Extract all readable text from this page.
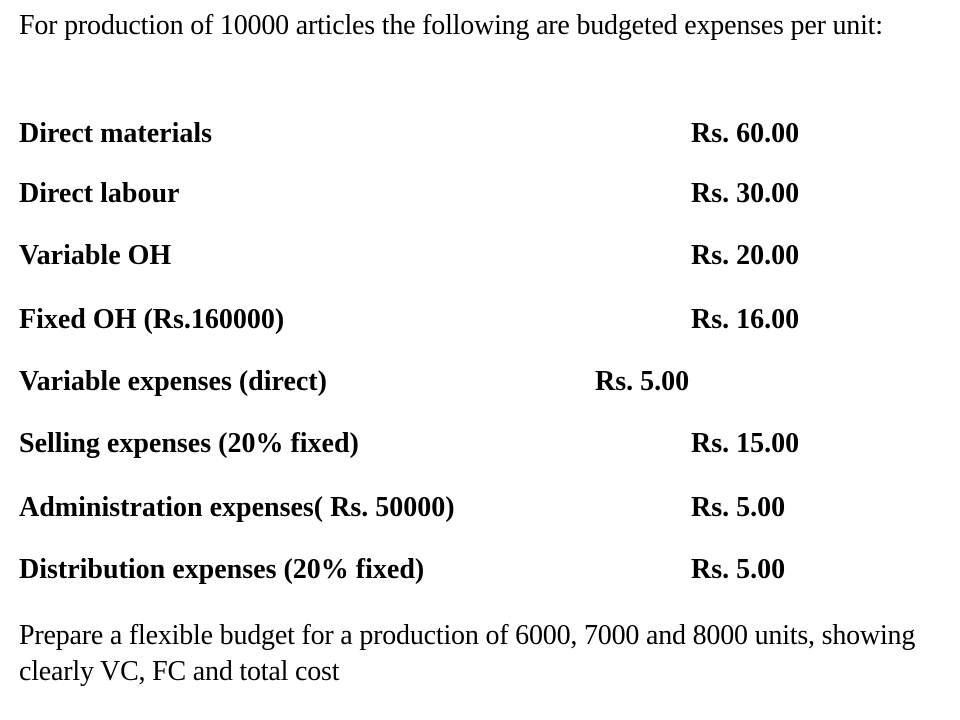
For production of 10000 articles the following are budgeted expenses per unit:

Direct materials	Rs. 60.00
Direct labour	Rs. 30.00
Variable OH	Rs. 20.00
Fixed OH (Rs.160000)	Rs. 16.00
Variable expenses (direct)	Rs. 5.00
Selling expenses (20% fixed)	Rs. 15.00
Administration expenses( Rs. 50000)	Rs. 5.00
Distribution expenses (20% fixed)	Rs. 5.00

Prepare a flexible budget for a production of 6000, 7000 and 8000 units, showing clearly VC, FC and total cost
